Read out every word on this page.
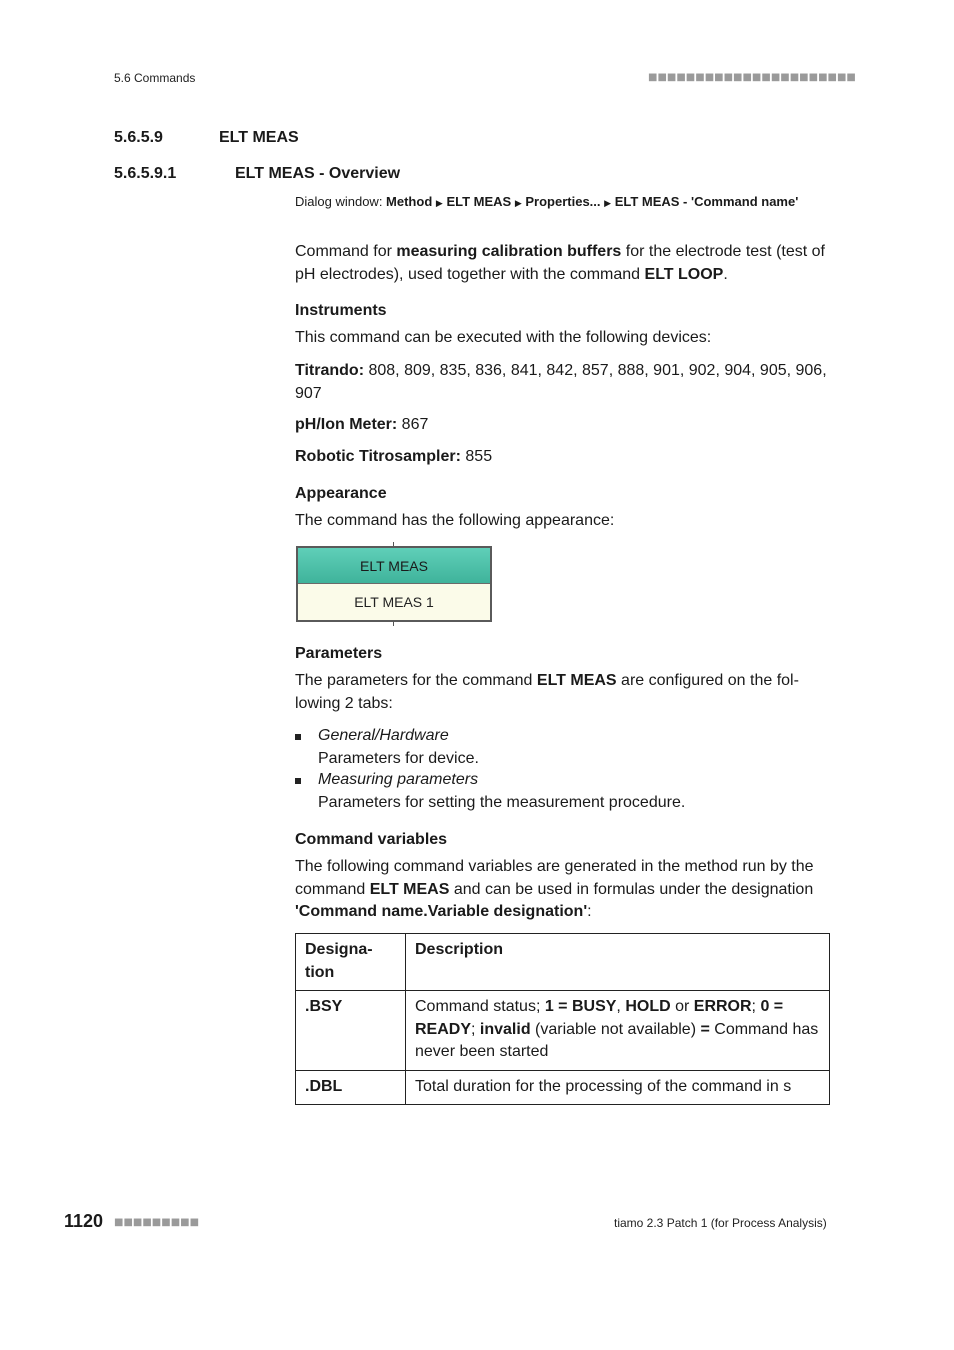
5.6 Commands	■■■■■■■■■■■■■■■■■■■■■■
5.6.5.9	ELT MEAS
5.6.5.9.1	ELT MEAS - Overview
Dialog window: Method ▶ ELT MEAS ▶ Properties... ▶ ELT MEAS - 'Command name'
Command for measuring calibration buffers for the electrode test (test of pH electrodes), used together with the command ELT LOOP.
Instruments
This command can be executed with the following devices:
Titrando: 808, 809, 835, 836, 841, 842, 857, 888, 901, 902, 904, 905, 906, 907
pH/Ion Meter: 867
Robotic Titrosampler: 855
Appearance
The command has the following appearance:
ELT MEAS
ELT MEAS 1
Parameters
The parameters for the command ELT MEAS are configured on the fol-lowing 2 tabs:
General/Hardware
Parameters for device.
Measuring parameters
Parameters for setting the measurement procedure.
Command variables
The following command variables are generated in the method run by the command ELT MEAS and can be used in formulas under the designation 'Command name.Variable designation':
Designa-tion	Description
.BSY	Command status; 1 = BUSY, HOLD or ERROR; 0 = READY; invalid (variable not available) = Command has never been started
.DBL	Total duration for the processing of the command in s
1120 ■■■■■■■■■	tiamo 2.3 Patch 1 (for Process Analysis)
